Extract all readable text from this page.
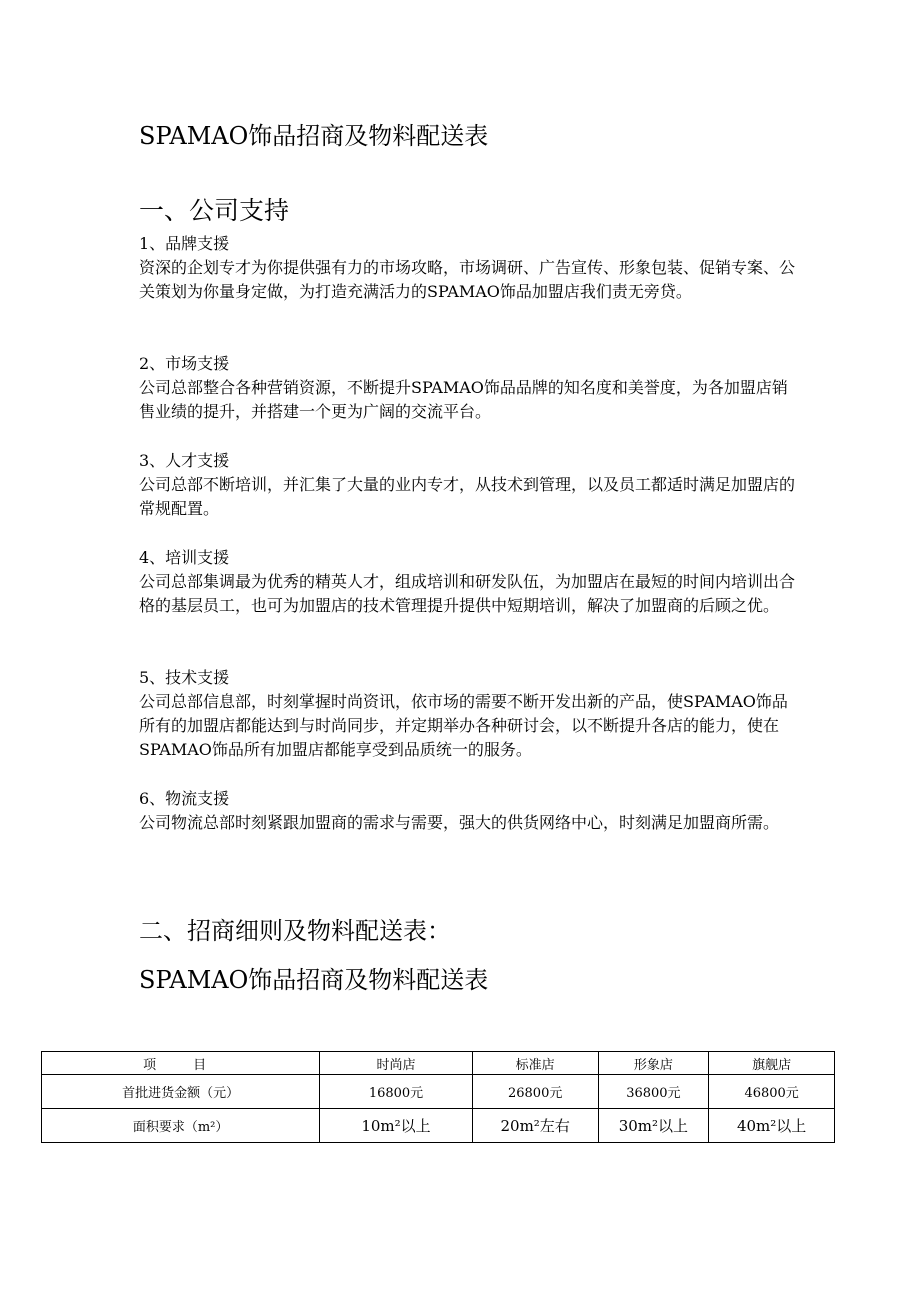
SPAMAO饰品招商及物料配送表
一、公司支持

1、品牌支援

资深的企划专才为你提供强有力的市场攻略，市场调研、广告宣传、形象包装、促销专案、公关策划为你量身定做，为打造充满活力的SPAMAO饰品加盟店我们责无旁贷。

2、市场支援

公司总部整合各种营销资源，不断提升SPAMAO饰品品牌的知名度和美誉度，为各加盟店销售业绩的提升，并搭建一个更为广阔的交流平台。

3、人才支援

公司总部不断培训，并汇集了大量的业内专才，从技术到管理，以及员工都适时满足加盟店的常规配置。

4、培训支援

公司总部集调最为优秀的精英人才，组成培训和研发队伍，为加盟店在最短的时间内培训出合格的基层员工，也可为加盟店的技术管理提升提供中短期培训，解决了加盟商的后顾之优。

5、技术支援

公司总部信息部，时刻掌握时尚资讯，依市场的需要不断开发出新的产品，使SPAMAO饰品所有的加盟店都能达到与时尚同步，并定期举办各种研讨会，以不断提升各店的能力，使在SPAMAO饰品所有加盟店都能享受到品质统一的服务。

6、物流支援

公司物流总部时刻紧跟加盟商的需求与需要，强大的供货网络中心，时刻满足加盟商所需。

二、招商细则及物料配送表：
SPAMAO饰品招商及物料配送表
项　目	时尚店	标准店	形象店	旗舰店
首批进货金额（元）	16800元	26800元	36800元	46800元
面积要求（m²）	10m²以上	20m²左右	30m²以上	40m²以上
